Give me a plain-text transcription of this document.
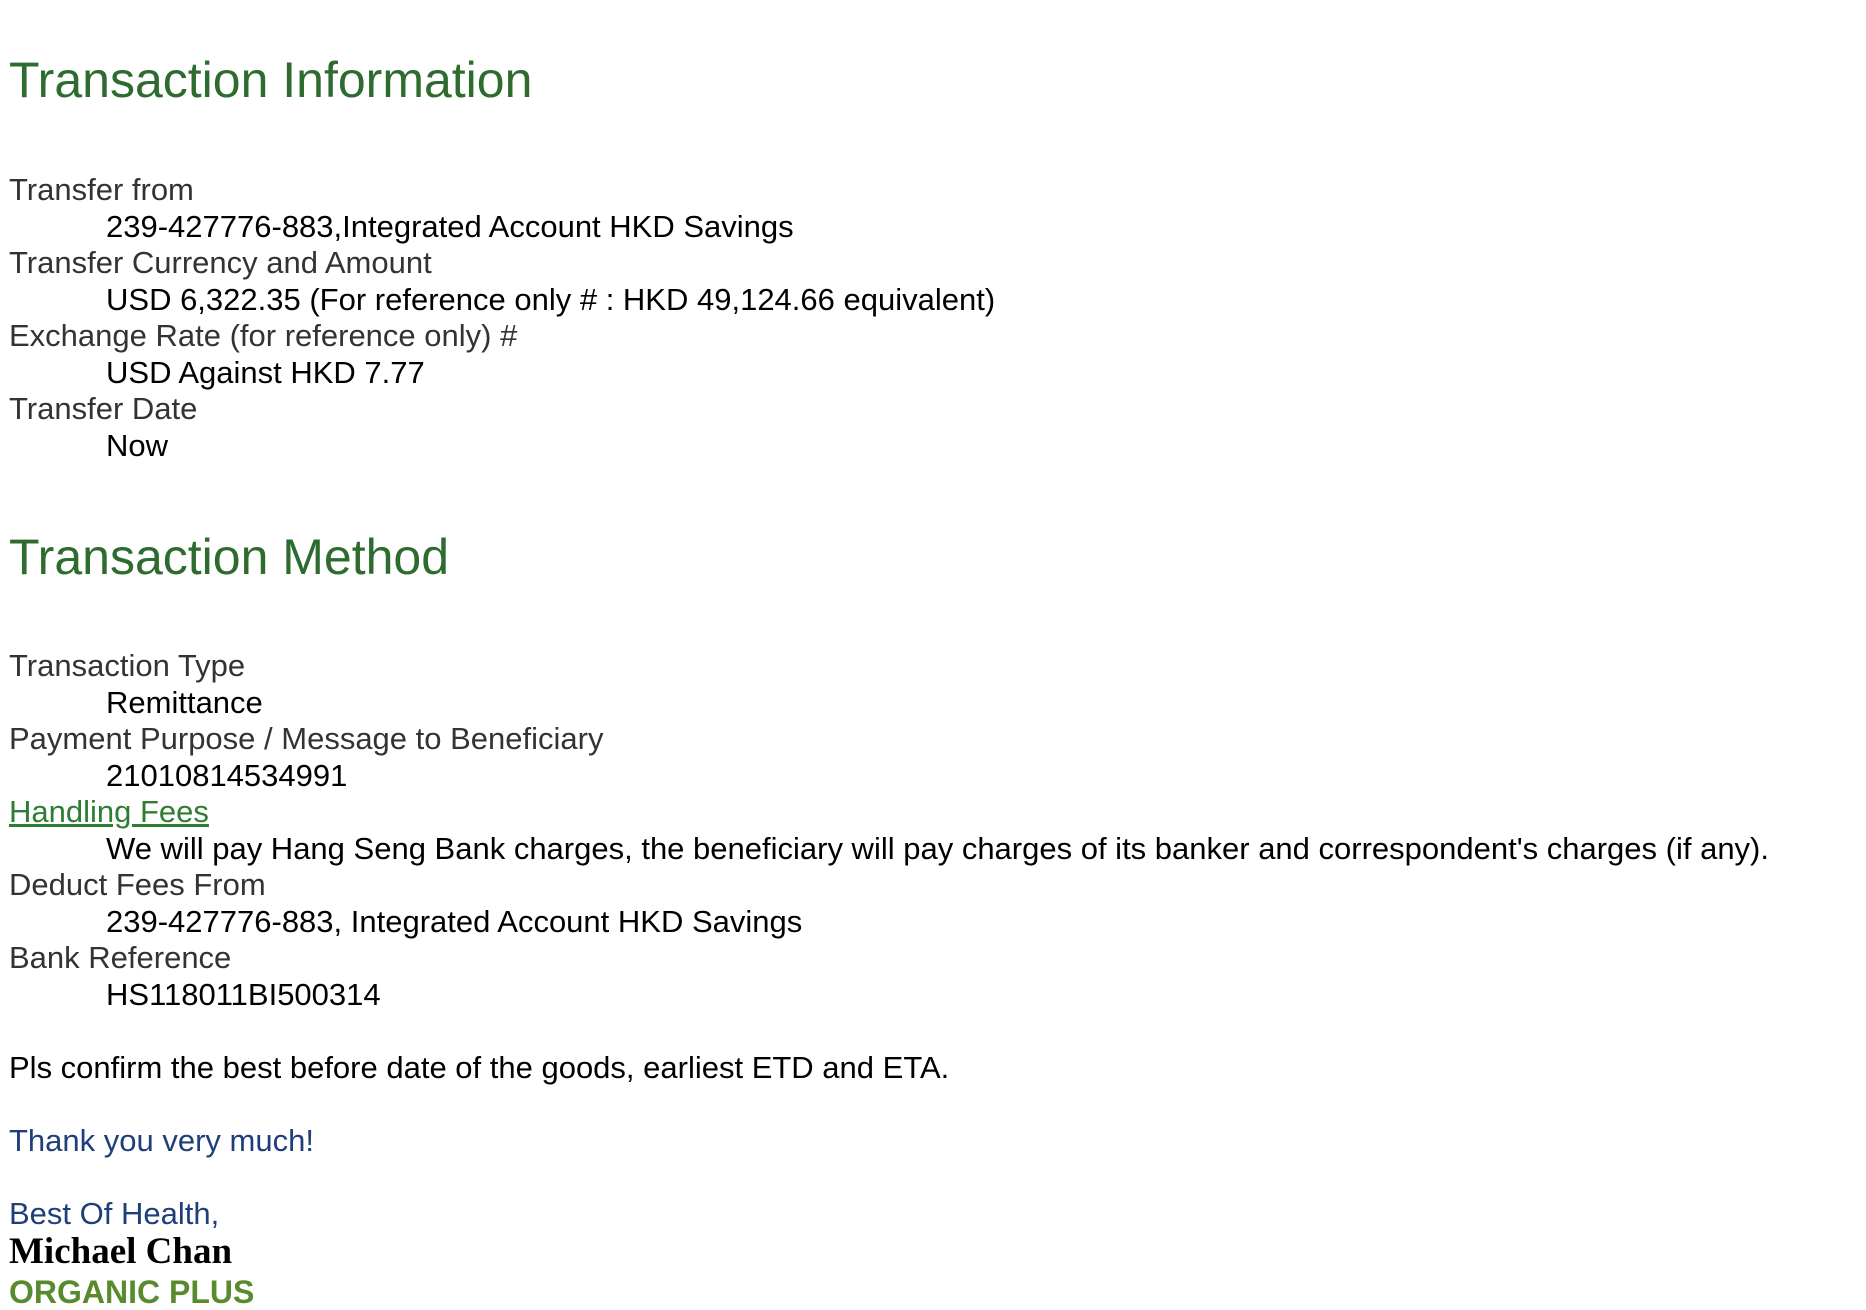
Transaction Information
Transfer from
239-427776-883,Integrated Account HKD Savings
Transfer Currency and Amount
USD 6,322.35 (For reference only # : HKD 49,124.66 equivalent)
Exchange Rate (for reference only) #
USD Against HKD 7.77
Transfer Date
Now
Transaction Method
Transaction Type
Remittance
Payment Purpose / Message to Beneficiary
21010814534991
Handling Fees
We will pay Hang Seng Bank charges, the beneficiary will pay charges of its banker and correspondent's charges (if any).
Deduct Fees From
239-427776-883, Integrated Account HKD Savings
Bank Reference
HS118011BI500314

Pls confirm the best before date of the goods, earliest ETD and ETA.

Thank you very much!

Best Of Health,

Michael Chan
ORGANIC PLUS
